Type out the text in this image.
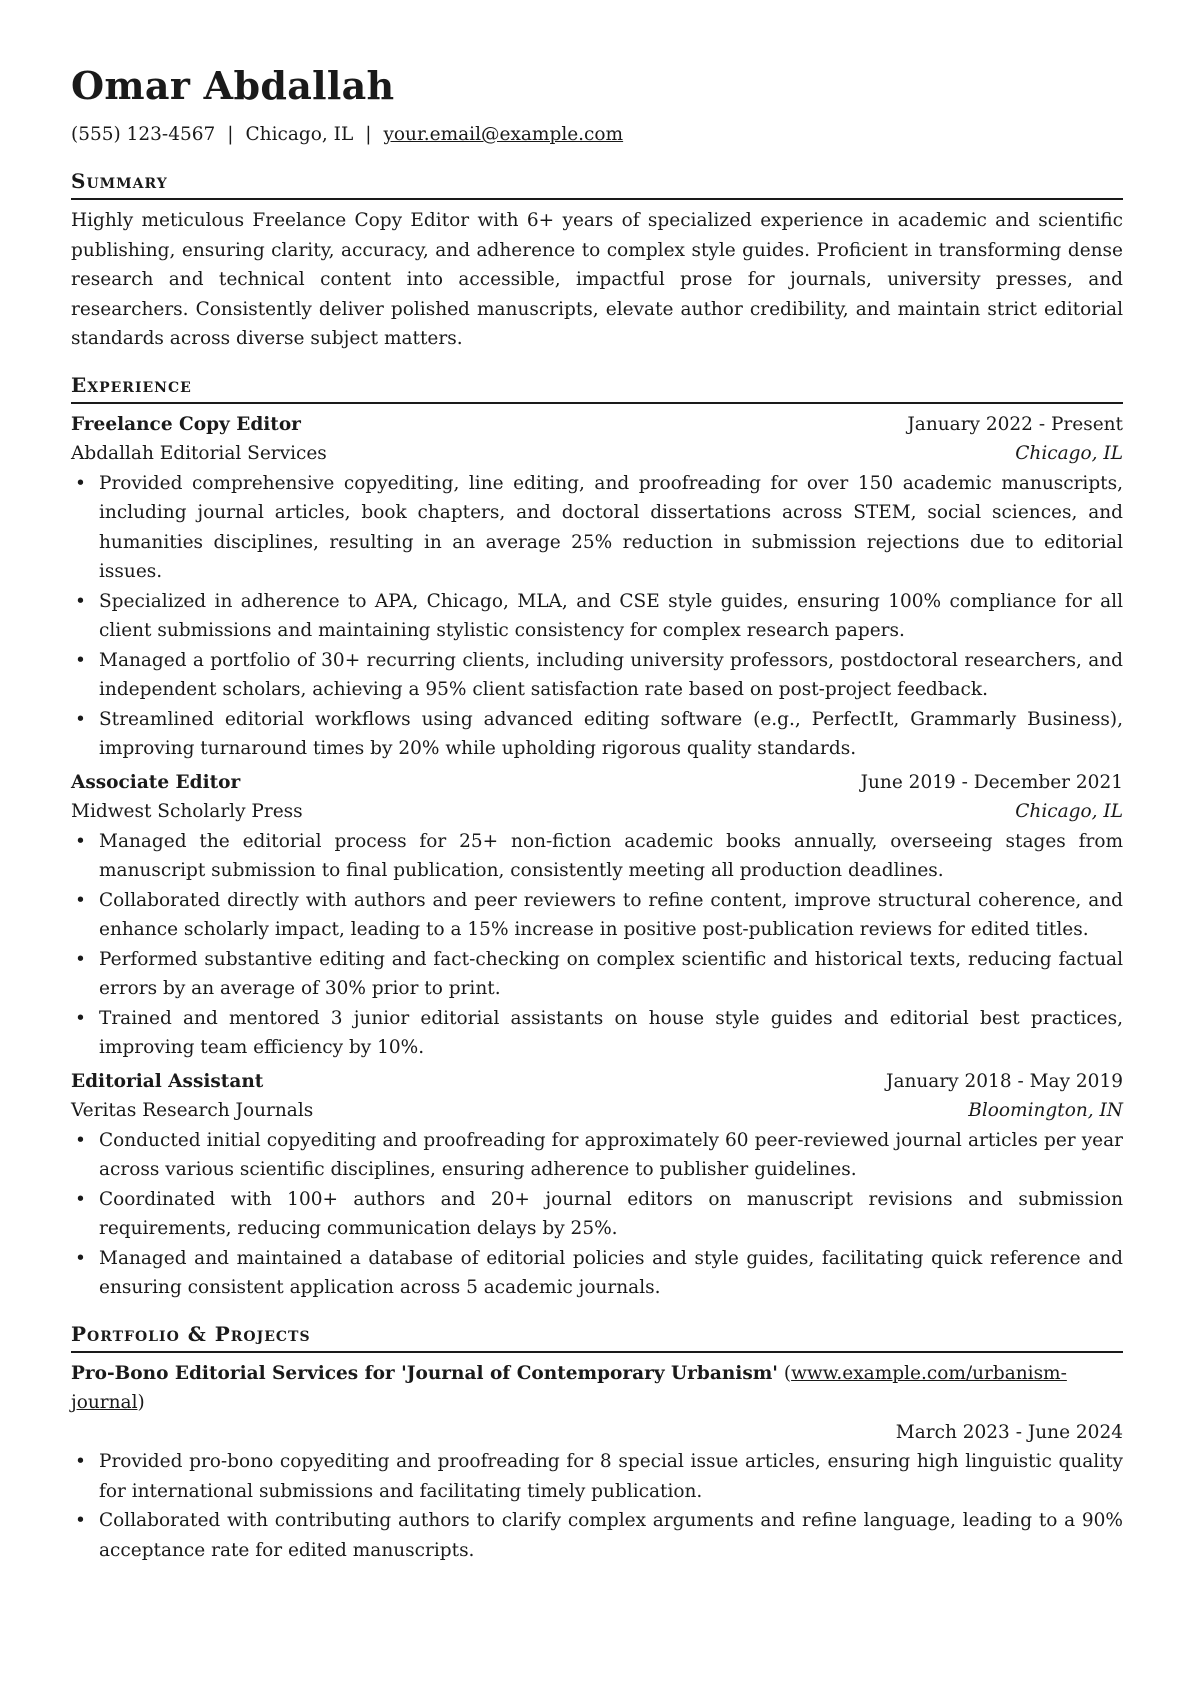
Omar Abdallah
(555) 123-4567 | Chicago, IL | your.email@example.com
Summary

Highly meticulous Freelance Copy Editor with 6+ years of specialized experience in academic and scientific publishing, ensuring clarity, accuracy, and adherence to complex style guides. Proficient in transforming dense research and technical content into accessible, impactful prose for journals, university presses, and researchers. Consistently deliver polished manuscripts, elevate author credibility, and maintain strict editorial standards across diverse subject matters.

Experience
Freelance Copy Editor	January 2022 - Present
Abdallah Editorial Services	Chicago, IL
• Provided comprehensive copyediting, line editing, and proofreading for over 150 academic manuscripts, including journal articles, book chapters, and doctoral dissertations across STEM, social sciences, and humanities disciplines, resulting in an average 25% reduction in submission rejections due to editorial issues.
• Specialized in adherence to APA, Chicago, MLA, and CSE style guides, ensuring 100% compliance for all client submissions and maintaining stylistic consistency for complex research papers.
• Managed a portfolio of 30+ recurring clients, including university professors, postdoctoral researchers, and independent scholars, achieving a 95% client satisfaction rate based on post-project feedback.
• Streamlined editorial workflows using advanced editing software (e.g., PerfectIt, Grammarly Business), improving turnaround times by 20% while upholding rigorous quality standards.
Associate Editor	June 2019 - December 2021
Midwest Scholarly Press	Chicago, IL
• Managed the editorial process for 25+ non-fiction academic books annually, overseeing stages from manuscript submission to final publication, consistently meeting all production deadlines.
• Collaborated directly with authors and peer reviewers to refine content, improve structural coherence, and enhance scholarly impact, leading to a 15% increase in positive post-publication reviews for edited titles.
• Performed substantive editing and fact-checking on complex scientific and historical texts, reducing factual errors by an average of 30% prior to print.
• Trained and mentored 3 junior editorial assistants on house style guides and editorial best practices, improving team efficiency by 10%.
Editorial Assistant	January 2018 - May 2019
Veritas Research Journals	Bloomington, IN
• Conducted initial copyediting and proofreading for approximately 60 peer-reviewed journal articles per year across various scientific disciplines, ensuring adherence to publisher guidelines.
• Coordinated with 100+ authors and 20+ journal editors on manuscript revisions and submission requirements, reducing communication delays by 25%.
• Managed and maintained a database of editorial policies and style guides, facilitating quick reference and ensuring consistent application across 5 academic journals.
Portfolio & Projects
Pro-Bono Editorial Services for 'Journal of Contemporary Urbanism' (www.example.com/urbanism-journal)
March 2023 - June 2024
• Provided pro-bono copyediting and proofreading for 8 special issue articles, ensuring high linguistic quality for international submissions and facilitating timely publication.
• Collaborated with contributing authors to clarify complex arguments and refine language, leading to a 90% acceptance rate for edited manuscripts.
